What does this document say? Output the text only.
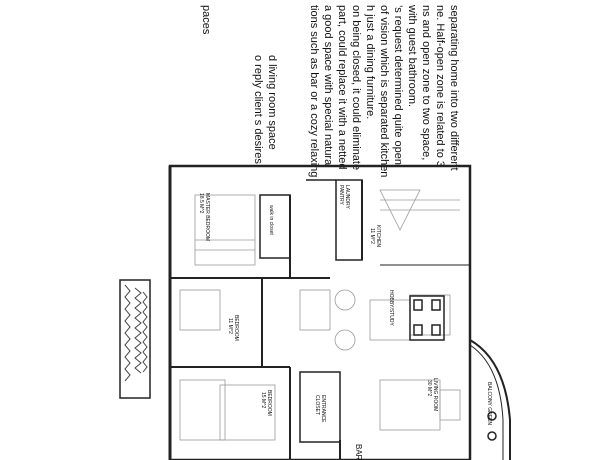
separating home into two different
ne. Half-open zone is related to 3
ns and open zone to two space,
with guest bathroom.
’s request determined quite open
of vision which is separated kitchen
h just a dining furniture.
on being closed, it could eliminate
part, could replace it with a netted
a good space with special natural
tions such as bar or a cozy relaxing
d living room space
o reply client s desires
paces
MASTER BEDROOM
18.5 M^2
walk in closet
LAUNDRY
PANTRY
KITCHEN
11 M^2
HOBBY/STUDY
BEDROOM
11 M^2
BEDROOM
15 M^2	ENTRANCE
CLOSET	LIVING ROOM
30 M^2	BALCONY GREEN
BAR
